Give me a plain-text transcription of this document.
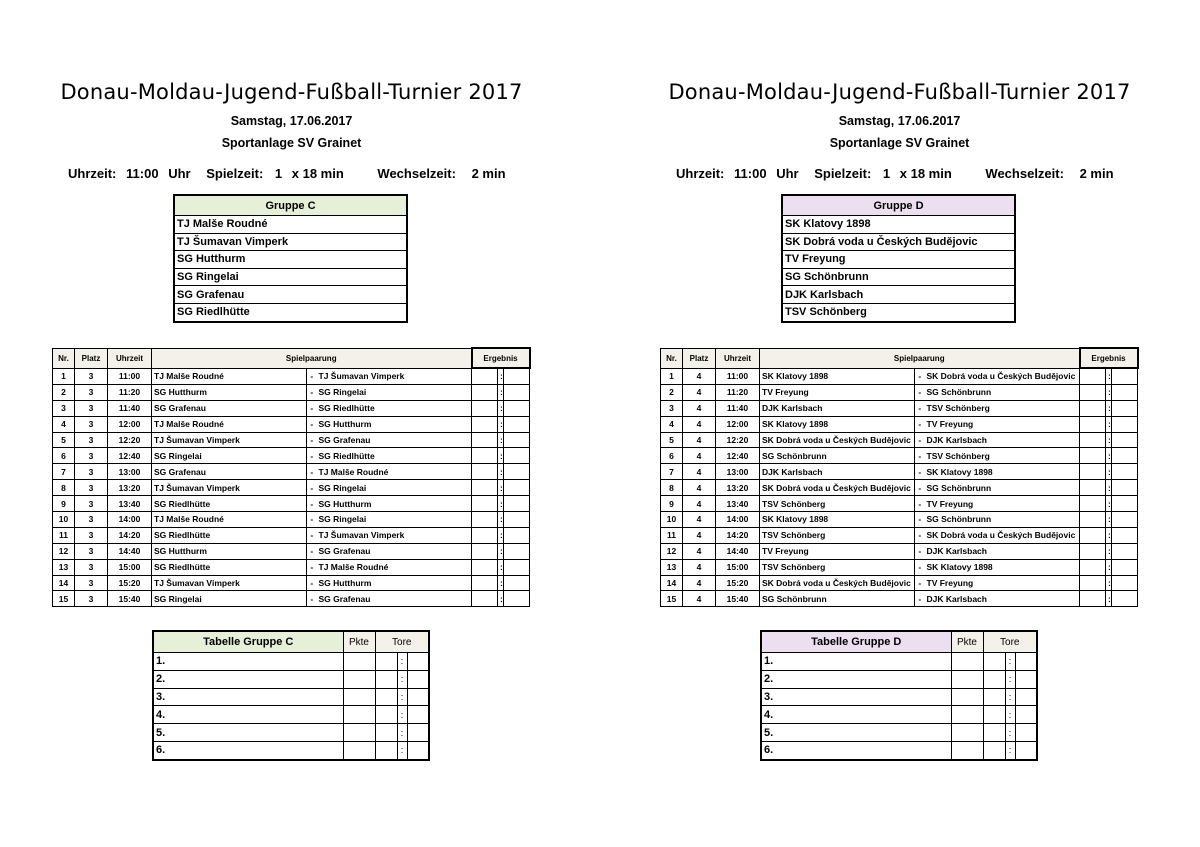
Donau-Moldau-Jugend-Fußball-Turnier 2017
Samstag, 17.06.2017
Sportanlage SV Grainet
Uhrzeit: 11:00 Uhr Spielzeit: 1 x 18 min	Wechselzeit: 2 min
Gruppe C
TJ Malše Roudné
TJ Šumavan Vimperk
SG Hutthurm
SG Ringelai
SG Grafenau
SG Riedlhütte
Nr.	Platz	Uhrzeit	Spielpaarung			Ergebnis		
1	3	11:00	TJ Malše Roudné	-	TJ Šumavan Vimperk		:	
2	3	11:20	SG Hutthurm	-	SG Ringelai		:	
3	3	11:40	SG Grafenau	-	SG Riedlhütte		:	
4	3	12:00	TJ Malše Roudné	-	SG Hutthurm		:	
5	3	12:20	TJ Šumavan Vimperk	-	SG Grafenau		:	
6	3	12:40	SG Ringelai	-	SG Riedlhütte		:	
7	3	13:00	SG Grafenau	-	TJ Malše Roudné		:	
8	3	13:20	TJ Šumavan Vimperk	-	SG Ringelai		:	
9	3	13:40	SG Riedlhütte	-	SG Hutthurm		:	
10	3	14:00	TJ Malše Roudné	-	SG Ringelai		:	
11	3	14:20	SG Riedlhütte	-	TJ Šumavan Vimperk		:	
12	3	14:40	SG Hutthurm	-	SG Grafenau		:	
13	3	15:00	SG Riedlhütte	-	TJ Malše Roudné		:	
14	3	15:20	TJ Šumavan Vimperk	-	SG Hutthurm		:	
15	3	15:40	SG Ringelai	-	SG Grafenau		:	
Tabelle Gruppe C	Pkte	Tore		
1.			:	
2.			:	
3.			:	
4.			:	
5.			:	
6.			:	
Donau-Moldau-Jugend-Fußball-Turnier 2017
Samstag, 17.06.2017
Sportanlage SV Grainet
Uhrzeit: 11:00 Uhr Spielzeit: 1 x 18 min	Wechselzeit: 2 min
Gruppe D
SK Klatovy 1898
SK Dobrá voda u Českých Budějovic
TV Freyung
SG Schönbrunn
DJK Karlsbach
TSV Schönberg
Nr.	Platz	Uhrzeit	Spielpaarung			Ergebnis		
1	4	11:00	SK Klatovy 1898	-	SK Dobrá voda u Českých Budějovic		:	
2	4	11:20	TV Freyung	-	SG Schönbrunn		:	
3	4	11:40	DJK Karlsbach	-	TSV Schönberg		:	
4	4	12:00	SK Klatovy 1898	-	TV Freyung		:	
5	4	12:20	SK Dobrá voda u Českých Budějovic	-	DJK Karlsbach		:	
6	4	12:40	SG Schönbrunn	-	TSV Schönberg		:	
7	4	13:00	DJK Karlsbach	-	SK Klatovy 1898		:	
8	4	13:20	SK Dobrá voda u Českých Budějovic	-	SG Schönbrunn		:	
9	4	13:40	TSV Schönberg	-	TV Freyung		:	
10	4	14:00	SK Klatovy 1898	-	SG Schönbrunn		:	
11	4	14:20	TSV Schönberg	-	SK Dobrá voda u Českých Budějovic		:	
12	4	14:40	TV Freyung	-	DJK Karlsbach		:	
13	4	15:00	TSV Schönberg	-	SK Klatovy 1898		:	
14	4	15:20	SK Dobrá voda u Českých Budějovic	-	TV Freyung		:	
15	4	15:40	SG Schönbrunn	-	DJK Karlsbach		:	
Tabelle Gruppe D	Pkte	Tore		
1.			:	
2.			:	
3.			:	
4.			:	
5.			:	
6.			:	
